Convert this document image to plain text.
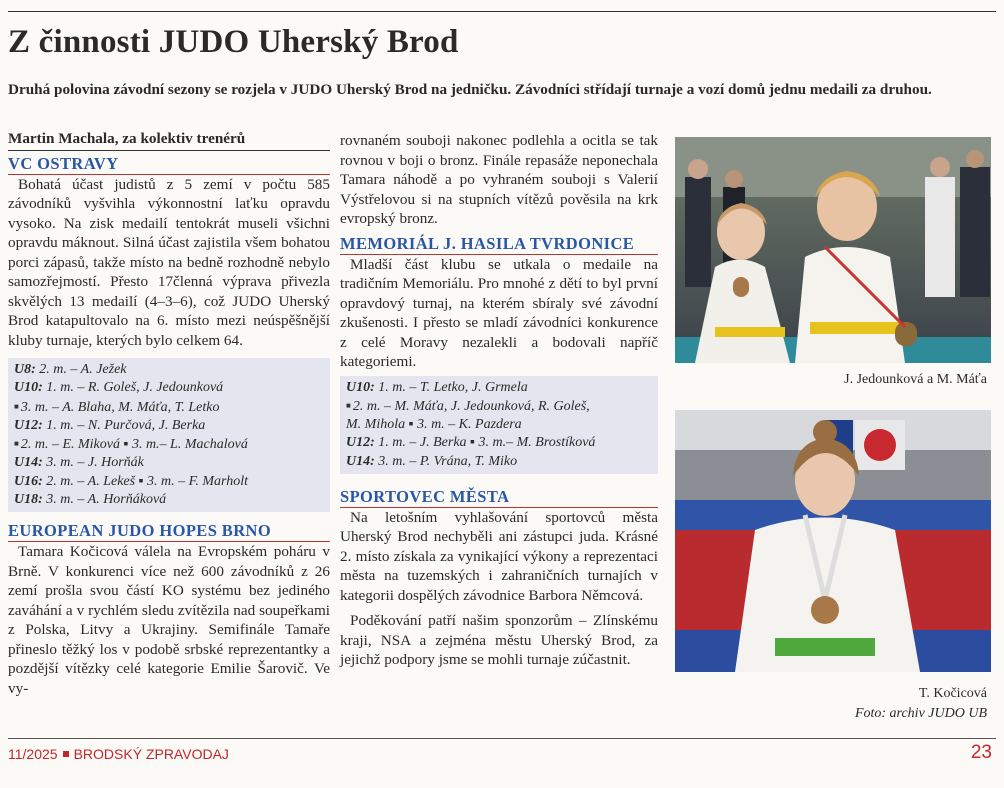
Z činnosti JUDO Uherský Brod
Druhá polovina závodní sezony se rozjela v JUDO Uherský Brod na jedničku. Závodníci střídají turnaje a vozí domů jednu medaili za druhou.
Martin Machala, za kolektiv trenérů
VC OSTRAVY

Bohatá účast judistů z 5 zemí v počtu 585 závodníků vyšvihla výkonnostní laťku opravdu vysoko. Na zisk medailí tentokrát museli všichni opravdu máknout. Silná účast zajistila všem bohatou porci zápasů, takže místo na bedně rozhodně nebylo samozřejmostí. Přesto 17členná výprava přivezla skvělých 13 medailí (4–3–6), což JUDO Uherský Brod katapultovalo na 6. místo mezi neúspěšnější kluby turnaje, kterých bylo celkem 64.

U8: 2. m. – A. Ježek
U10: 1. m. – R. Goleš, J. Jedounková
■ 3. m. – A. Blaha, M. Máťa, T. Letko
U12: 1. m. – N. Purčová, J. Berka
■ 2. m. – E. Miková ▪ 3. m.– L. Machalová
U14: 3. m. – J. Horňák
U16: 2. m. – A. Lekeš ▪ 3. m. – F. Marholt
U18: 3. m. – A. Horňáková
EUROPEAN JUDO HOPES BRNO

Tamara Kočicová válela na Evropském poháru v Brně. V konkurenci více než 600 závodníků z 26 zemí prošla svou částí KO systému bez jediného zaváhání a v rychlém sledu zvítězila nad soupeřkami z Polska, Litvy a Ukrajiny. Semifinále Tamaře přineslo těžký los v podobě srbské reprezentantky a pozdější vítězky celé kategorie Emilie Šarovič. Ve vy-

rovnaném souboji nakonec podlehla a ocitla se tak rovnou v boji o bronz. Finále repasáže neponechala Tamara náhodě a po vyhraném souboji s Valerií Výstřelovou si na stupních vítězů pověsila na krk evropský bronz.

MEMORIÁL J. HASILA TVRDONICE

Mladší část klubu se utkala o medaile na tradičním Memoriálu. Pro mnohé z dětí to byl první opravdový turnaj, na kterém sbíraly své závodní zkušenosti. I přesto se mladí závodníci konkurence z celé Moravy nezalekli a bodovali napříč kategoriemi.

U10: 1. m. – T. Letko, J. Grmela
■ 2. m. – M. Máťa, J. Jedounková, R. Goleš,
M. Mihola ▪ 3. m. – K. Pazdera
U12: 1. m. – J. Berka ▪ 3. m.– M. Brostíková
U14: 3. m. – P. Vrána, T. Miko
SPORTOVEC MĚSTA

Na letošním vyhlašování sportovců města Uherský Brod nechyběli ani zástupci juda. Krásné 2. místo získala za vynikající výkony a reprezentaci města na tuzemských i zahraničních turnajích v kategorii dospělých závodnice Barbora Němcová.

Poděkování patří našim sponzorům – Zlínskému kraji, NSA a zejména městu Uherský Brod, za jejichž podpory jsme se mohli turnaje zúčastnit.

J. Jedounková a M. Máťa
T. Kočicová
Foto: archiv JUDO UB
11/2025 BRODSKÝ ZPRAVODAJ	23
